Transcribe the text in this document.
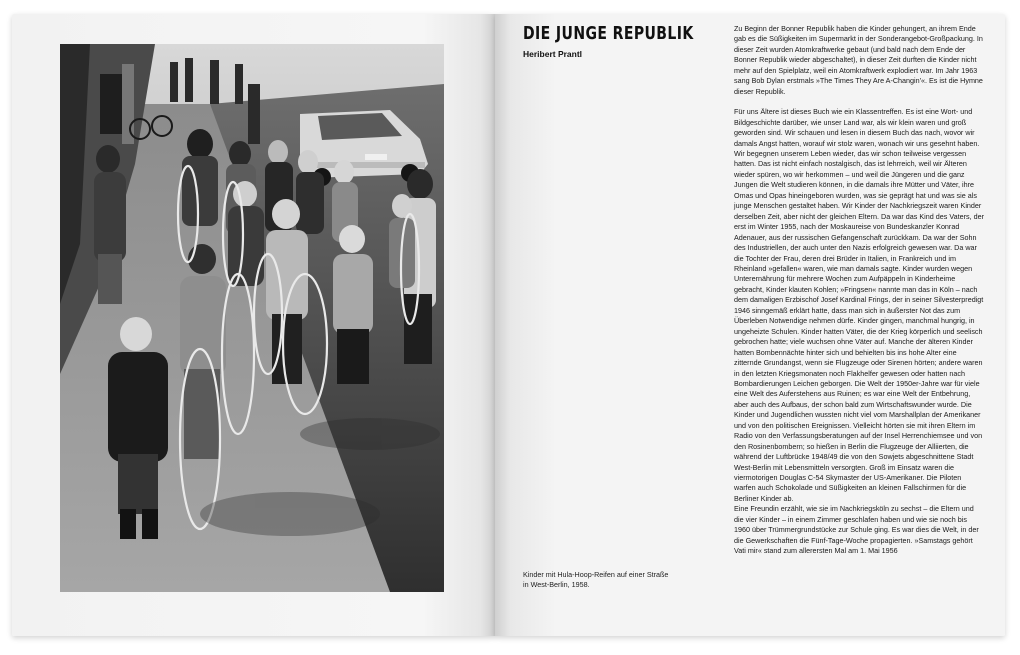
Kinder mit Hula-Hoop-Reifen auf einer Straße in West-Berlin, 1958.
DIE JUNGE REPUBLIK
Heribert Prantl

Zu Beginn der Bonner Republik haben die Kinder gehungert, an ihrem Ende gab es die Süßigkeiten im Supermarkt in der Sonderangebot-Großpackung. In dieser Zeit wurden Atomkraftwerke gebaut (und bald nach dem Ende der Bonner Republik wieder abgeschaltet), in dieser Zeit durften die Kinder nicht mehr auf den Spielplatz, weil ein Atomkraftwerk explodiert war. Im Jahr 1963 sang Bob Dylan erstmals »The Times They Are A-Changin'«. Es ist die Hymne dieser Republik.

Für uns Ältere ist dieses Buch wie ein Klassentreffen. Es ist eine Wort- und Bildgeschichte darüber, wie unser Land war, als wir klein waren und groß geworden sind. Wir schauen und lesen in diesem Buch das nach, wovor wir damals Angst hatten, worauf wir stolz waren, wonach wir uns gesehnt haben. Wir begegnen unserem Leben wieder, das wir schon teilweise vergessen hatten. Das ist nicht einfach nostalgisch, das ist lehrreich, weil wir Älteren wieder spüren, wo wir herkommen – und weil die Jüngeren und die ganz Jungen die Welt studieren können, in die damals ihre Mütter und Väter, ihre Omas und Opas hineingeboren wurden, was sie geprägt hat und was sie als junge Menschen gestaltet haben. Wir Kinder der Nachkriegszeit waren Kinder derselben Zeit, aber nicht der gleichen Eltern. Da war das Kind des Vaters, der erst im Winter 1955, nach der Moskaureise von Bundeskanzler Konrad Adenauer, aus der russischen Gefangenschaft zurückkam. Da war der Sohn des Industriellen, der auch unter den Nazis erfolgreich gewesen war. Da war die Tochter der Frau, deren drei Brüder in Italien, in Frankreich und im Rheinland »gefallen« waren, wie man damals sagte. Kinder wurden wegen Unterernährung für mehrere Wochen zum Aufpäppeln in Kinderheime gebracht, Kinder klauten Kohlen; »Fringsen« nannte man das in Köln – nach dem damaligen Erzbischof Josef Kardinal Frings, der in seiner Silvesterpredigt 1946 sinngemäß erklärt hatte, dass man sich in äußerster Not das zum Überleben Notwendige nehmen dürfe. Kinder gingen, manchmal hungrig, in ungeheizte Schulen. Kinder hatten Väter, die der Krieg körperlich und seelisch gebrochen hatte; viele wuchsen ohne Väter auf. Manche der älteren Kinder hatten Bombennächte hinter sich und behielten bis ins hohe Alter eine zitternde Grundangst, wenn sie Flugzeuge oder Sirenen hörten; andere waren in den letzten Kriegsmonaten noch Flakhelfer gewesen oder hatten nach Bombardierungen Leichen geborgen. Die Welt der 1950er-Jahre war für viele eine Welt des Auferstehens aus Ruinen; es war eine Welt der Entbehrung, aber auch des Aufbaus, der schon bald zum Wirtschaftswunder wurde. Die Kinder und Jugendlichen wussten nicht viel vom Marshallplan der Amerikaner und von den politischen Ereignissen. Vielleicht hörten sie mit ihren Eltern im Radio von den Verfassungsberatungen auf der Insel Herrenchiemsee und von den Rosinenbombern; so hießen in Berlin die Flugzeuge der Alliierten, die während der Luftbrücke 1948/49 die von den Sowjets abgeschnittene Stadt West-Berlin mit Lebensmitteln versorgten. Groß im Einsatz waren die viermotorigen Douglas C-54 Skymaster der US-Amerikaner. Die Piloten warfen auch Schokolade und Süßigkeiten an kleinen Fallschirmen für die Berliner Kinder ab.

Eine Freundin erzählt, wie sie im Nachkriegsköln zu sechst – die Eltern und die vier Kinder – in einem Zimmer geschlafen haben und wie sie noch bis 1960 über Trümmergrundstücke zur Schule ging. Es war dies die Welt, in der die Gewerkschaften die Fünf-Tage-Woche propagierten. »Samstags gehört Vati mir« stand zum allerersten Mal am 1. Mai 1956
